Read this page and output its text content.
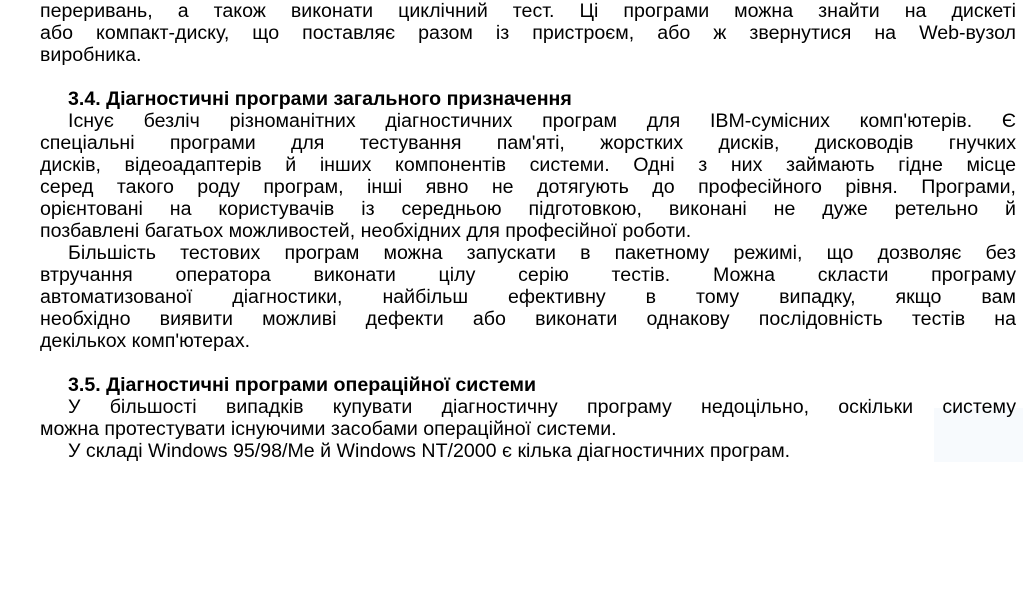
переривань, а також виконати циклічний тест. Ці програми можна знайти на дискеті
або компакт-диску, що поставляє разом із пристроєм, або ж звернутися на Web-вузол
виробника.
3.4. Діагностичні програми загального призначення
Існує безліч різноманітних діагностичних програм для IBM-сумісних комп'ютерів. Є
спеціальні програми для тестування пам'яті, жорстких дисків, дисководів гнучких
дисків, відеоадаптерів й інших компонентів системи. Одні з них займають гідне місце
серед такого роду програм, інші явно не дотягують до професійного рівня. Програми,
орієнтовані на користувачів із середньою підготовкою, виконані не дуже ретельно й
позбавлені багатьох можливостей, необхідних для професійної роботи.
Більшість тестових програм можна запускати в пакетному режимі, що дозволяє без
втручання оператора виконати цілу серію тестів. Можна скласти програму
автоматизованої діагностики, найбільш ефективну в тому випадку, якщо вам
необхідно виявити можливі дефекти або виконати однакову послідовність тестів на
декількох комп'ютерах.
3.5. Діагностичні програми операційної системи
У більшості випадків купувати діагностичну програму недоцільно, оскільки систему
можна протестувати існуючими засобами операційної системи.
У складі Windows 95/98/Me й Windows NT/2000 є кілька діагностичних програм.
